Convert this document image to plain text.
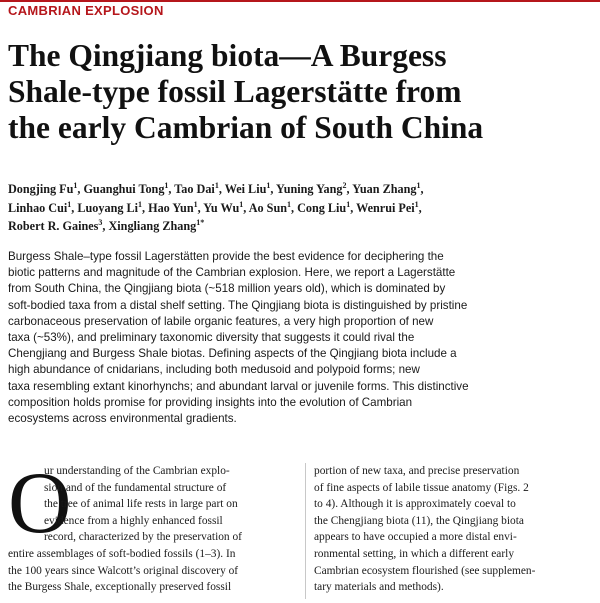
CAMBRIAN EXPLOSION
The Qingjiang biota—A Burgess
Shale-type fossil Lagerstätte from
the early Cambrian of South China
Dongjing Fu$^1$, Guanghui Tong$^1$, Tao Dai$^1$, Wei Liu$^1$, Yuning Yang$^2$, Yuan Zhang$^1$,
Linhao Cui$^1$, Luoyang Li$^1$, Hao Yun$^1$, Yu Wu$^1$, Ao Sun$^1$, Cong Liu$^1$, Wenrui Pei$^1$,
Robert R. Gaines$^3$, Xingliang Zhang$^{1*}$
Burgess Shale–type fossil Lagerstätten provide the best evidence for deciphering the
biotic patterns and magnitude of the Cambrian explosion. Here, we report a Lagerstätte
from South China, the Qingjiang biota (~518 million years old), which is dominated by
soft-bodied taxa from a distal shelf setting. The Qingjiang biota is distinguished by pristine
carbonaceous preservation of labile organic features, a very high proportion of new
taxa (~53%), and preliminary taxonomic diversity that suggests it could rival the
Chengjiang and Burgess Shale biotas. Defining aspects of the Qingjiang biota include a
high abundance of cnidarians, including both medusoid and polypoid forms; new
taxa resembling extant kinorhynchs; and abundant larval or juvenile forms. This distinctive
composition holds promise for providing insights into the evolution of Cambrian
ecosystems across environmental gradients.
O
ur understanding of the Cambrian explo-
sion and of the fundamental structure of
the tree of animal life rests in large part on
evidence from a highly enhanced fossil
record, characterized by the preservation of
entire assemblages of soft-bodied fossils (1–3). In
the 100 years since Walcott’s original discovery of
the Burgess Shale, exceptionally preserved fossil
portion of new taxa, and precise preservation
of fine aspects of labile tissue anatomy (Figs. 2
to 4). Although it is approximately coeval to
the Chengjiang biota (11), the Qingjiang biota
appears to have occupied a more distal envi-
ronmental setting, in which a different early
Cambrian ecosystem flourished (see supplemen-
tary materials and methods).
